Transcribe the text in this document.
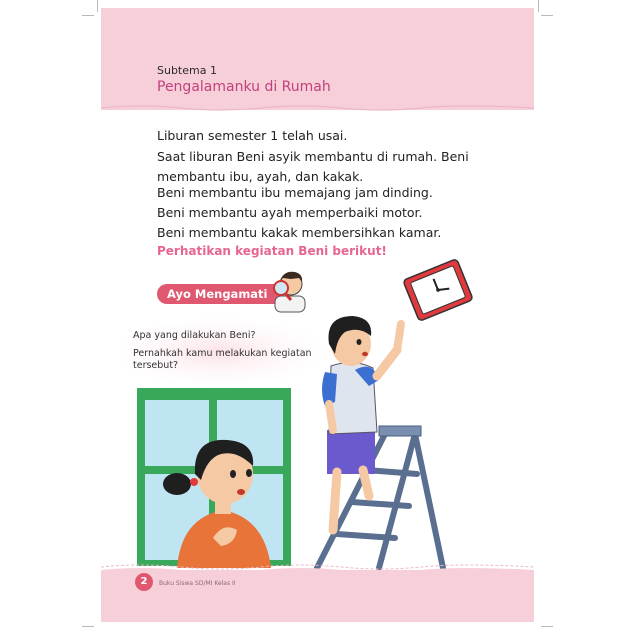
Subtema 1
Pengalamanku di Rumah
Liburan semester 1 telah usai.
Saat liburan Beni asyik membantu di rumah. Beni membantu ibu, ayah, dan kakak.
Beni membantu ibu memajang jam dinding.
Beni membantu ayah memperbaiki motor.
Beni membantu kakak membersihkan kamar.
Perhatikan kegiatan Beni berikut!
Ayo Mengamati
Apa yang dilakukan Beni?
Pernahkah kamu melakukan kegiatan tersebut?
2	Buku Siswa SD/MI Kelas II
